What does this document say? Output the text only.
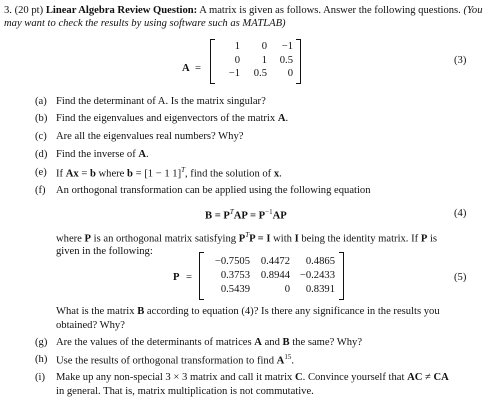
3. (20 pt) Linear Algebra Review Question: A matrix is given as follows. Answer the following questions. (You may want to check the results by using software such as MATLAB)
A =
1	0	−1
0	1	0.5
−1	0.5	0
(3)
(a) Find the determinant of A. Is the matrix singular?
(b) Find the eigenvalues and eigenvectors of the matrix A.
(c) Are all the eigenvalues real numbers? Why?
(d) Find the inverse of A.
(e) If Ax = b where b = [1 − 1 1]$^T$, find the solution of x.
(f) An orthogonal transformation can be applied using the following equation
$B = P^TAP = P^{-1}AP$	(4)
where P is an orthogonal matrix satisfying $P^TP = I$ with I being the identity matrix. If P is
given in the following:
P =
−0.7505	0.4472	0.4865
0.3753	0.8944 −0.2433
0.5439	0	0.8391
(5)
What is the matrix B according to equation (4)? Is there any significance in the results you
obtained? Why?
(g) Are the values of the determinants of matrices A and B the same? Why?
(h) Use the results of orthogonal transformation to find $A^{15}$.
(i) Make up any non-special 3 × 3 matrix and call it matrix C. Convince yourself that AC ≠ CA
in general. That is, matrix multiplication is not commutative.
